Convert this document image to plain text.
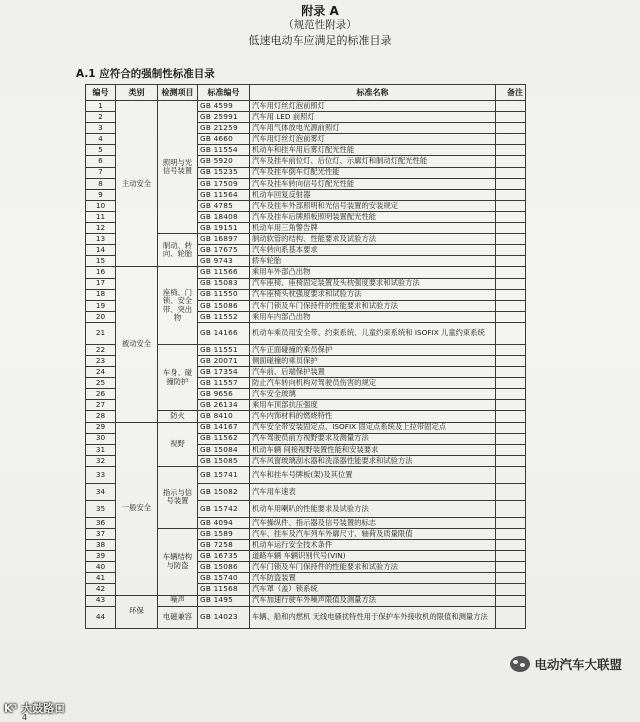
附录 A
（规范性附录）
低速电动车应满足的标准目录
A.1 应符合的强制性标准目录
编号	类别	检测项目	标准编号	标准名称	备注
1	主动安全	照明与光信号装置	GB 4599	汽车用灯丝灯泡前照灯	
2			GB 25991	汽车用 LED 前照灯	
3			GB 21259	汽车用气体放电光源前照灯	
4			GB 4660	汽车用灯丝灯泡前雾灯	
5			GB 11554	机动车和挂车用后雾灯配光性能	
6			GB 5920	汽车及挂车前位灯、后位灯、示廓灯和制动灯配光性能	
7			GB 15235	汽车及挂车倒车灯配光性能	
8			GB 17509	汽车及挂车转向信号灯配光性能	
9			GB 11564	机动车回复反射器	
10			GB 4785	汽车及挂车外部照明和光信号装置的安装规定	
11			GB 18408	汽车及挂车后牌照板照明装置配光性能	
12			GB 19151	机动车用三角警告牌	
13		制动、转向、轮胎	GB 16897	制动软管的结构、性能要求及试验方法	
14			GB 17675	汽车转向系基本要求	
15			GB 9743	轿车轮胎	
16	被动安全	座椅、门锁、安全带、突出物	GB 11566	乘用车外部凸出物	
17			GB 15083	汽车座椅、座椅固定装置及头枕强度要求和试验方法	
18			GB 11550	汽车座椅头枕强度要求和试验方法	
19			GB 15086	汽车门锁及车门保持件的性能要求和试验方法	
20			GB 11552	乘用车内部凸出物	
21			GB 14166	机动车乘员用安全带、约束系统、儿童约束系统和 ISOFIX 儿童约束系统	
22		车身、碰撞防护	GB 11551	汽车正面碰撞的乘员保护	
23			GB 20071	侧面碰撞的乘员保护	
24			GB 17354	汽车前、后端保护装置	
25			GB 11557	防止汽车转向机构对驾驶员伤害的规定	
26			GB 9656	汽车安全玻璃	
27			GB 26134	乘用车顶部抗压强度	
28		防火	GB 8410	汽车内饰材料的燃烧特性	
29	一般安全	视野	GB 14167	汽车安全带安装固定点、ISOFIX 固定点系统及上拉带固定点	
30			GB 11562	汽车驾驶员前方视野要求及测量方法	
31			GB 15084	机动车辆 间接视野装置性能和安装要求	
32			GB 15085	汽车风窗玻璃刮水器和洗涤器性能要求和试验方法	
33		指示与信号装置	GB 15741	汽车和挂车号牌板(架)及其位置	
34			GB 15082	汽车用车速表	
35			GB 15742	机动车用喇叭的性能要求及试验方法	
36			GB 4094	汽车操纵件、指示器及信号装置的标志	
37		车辆结构与防盗	GB 1589	汽车、挂车及汽车列车外廓尺寸、轴荷及质量限值	
38			GB 7258	机动车运行安全技术条件	
39			GB 16735	道路车辆 车辆识别代号(VIN)	
40			GB 15086	汽车门锁及车门保持件的性能要求和试验方法	
41			GB 15740	汽车防盗装置	
42			GB 11568	汽车罩（盖）锁系统	
43	环保	噪声	GB 1495	汽车加速行驶车外噪声限值及测量方法	
44		电磁兼容	GB 14023	车辆、船和内燃机 无线电骚扰特性用于保护车外接收机的限值和测量方法	
电动汽车大联盟
K³ 大鼓路口
4
